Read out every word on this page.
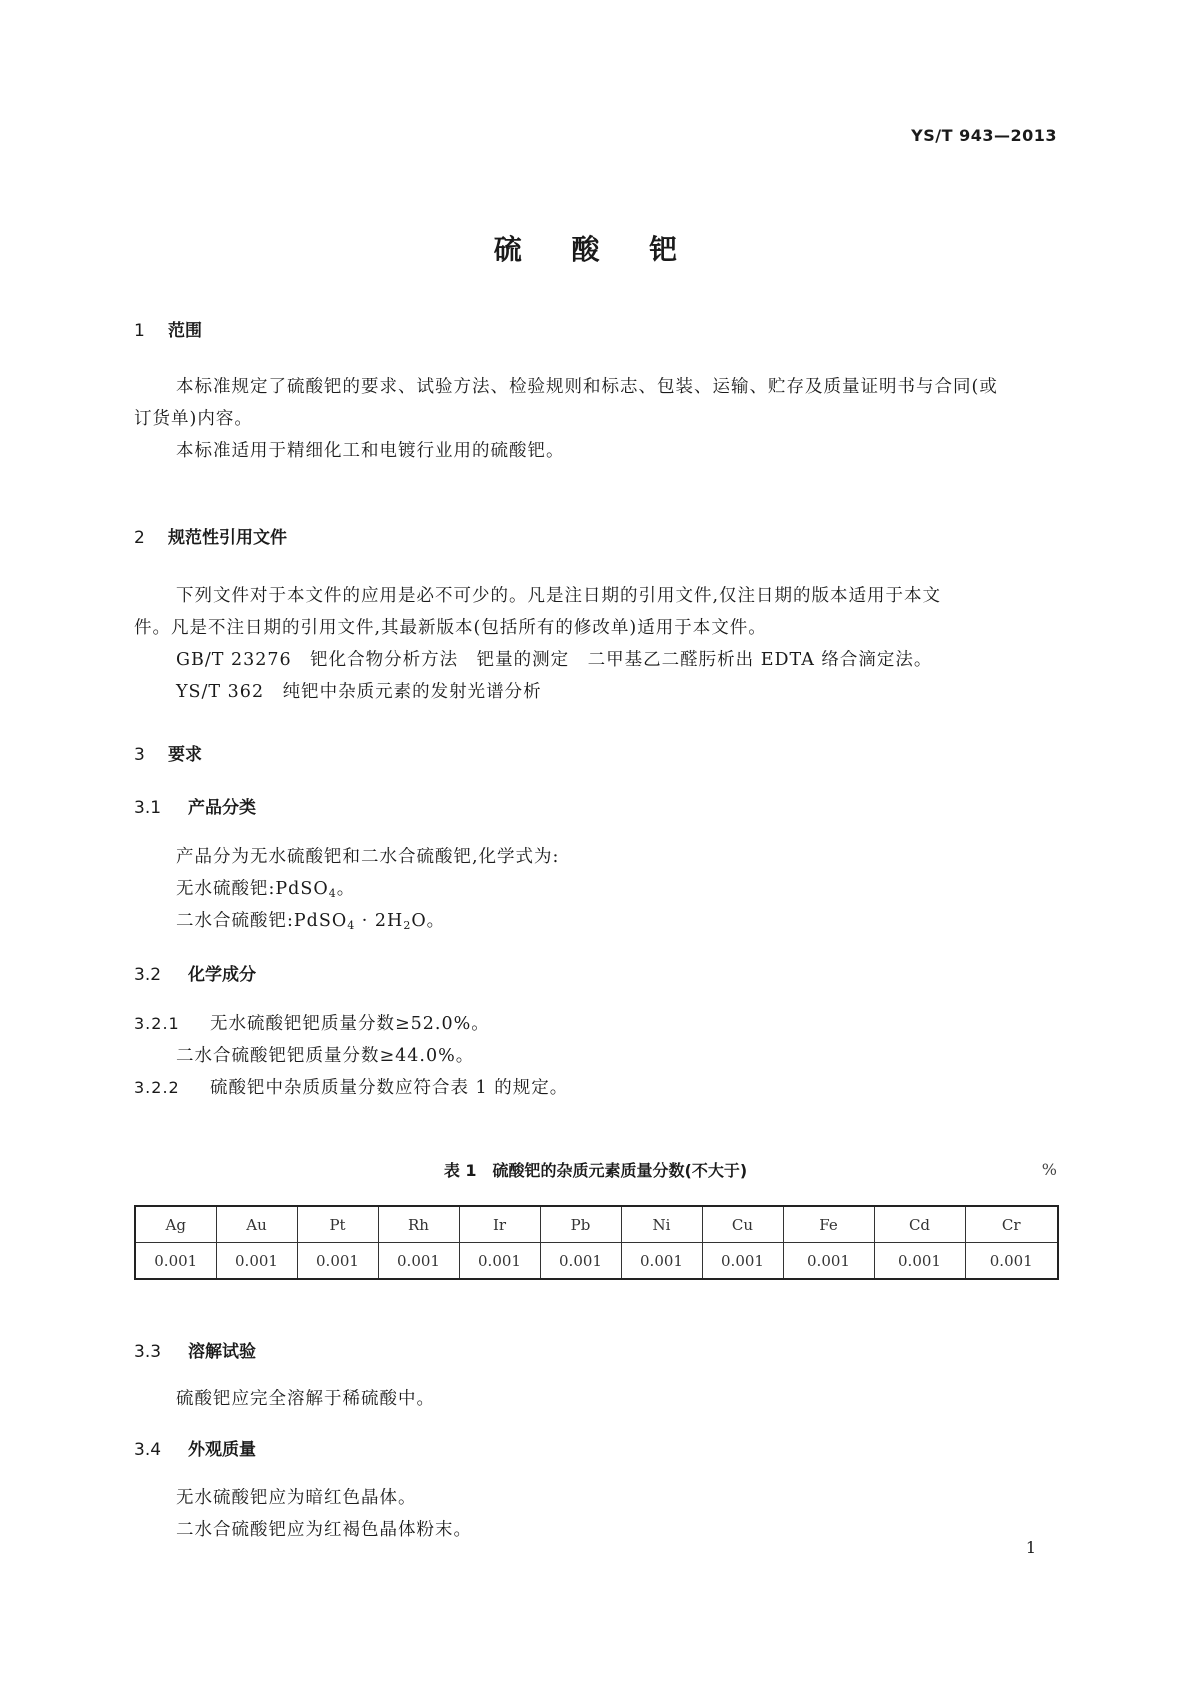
YS/T 943—2013
硫 酸 钯
1 范围
本标准规定了硫酸钯的要求、试验方法、检验规则和标志、包装、运输、贮存及质量证明书与合同(或
订货单)内容。
本标准适用于精细化工和电镀行业用的硫酸钯。
2 规范性引用文件
下列文件对于本文件的应用是必不可少的。凡是注日期的引用文件,仅注日期的版本适用于本文
件。凡是不注日期的引用文件,其最新版本(包括所有的修改单)适用于本文件。
GB/T 23276　钯化合物分析方法　钯量的测定　二甲基乙二醛肟析出 EDTA 络合滴定法。
YS/T 362　纯钯中杂质元素的发射光谱分析
3 要求
3.1 产品分类
产品分为无水硫酸钯和二水合硫酸钯,化学式为:
无水硫酸钯:PdSO$_4$。
二水合硫酸钯:PdSO$_4$ · $2H_2O$。
3.2 化学成分
3.2.1 无水硫酸钯钯质量分数≥52.0%。
二水合硫酸钯钯质量分数≥44.0%。
3.2.2 硫酸钯中杂质质量分数应符合表 1 的规定。
表 1　硫酸钯的杂质元素质量分数(不大于)	%
Ag	Au	Pt	Rh	Ir	Pb	Ni	Cu	Fe	Cd	Cr
0.001	0.001	0.001	0.001	0.001	0.001	0.001	0.001	0.001	0.001	0.001
3.3 溶解试验
硫酸钯应完全溶解于稀硫酸中。
3.4 外观质量
无水硫酸钯应为暗红色晶体。
二水合硫酸钯应为红褐色晶体粉末。
1
